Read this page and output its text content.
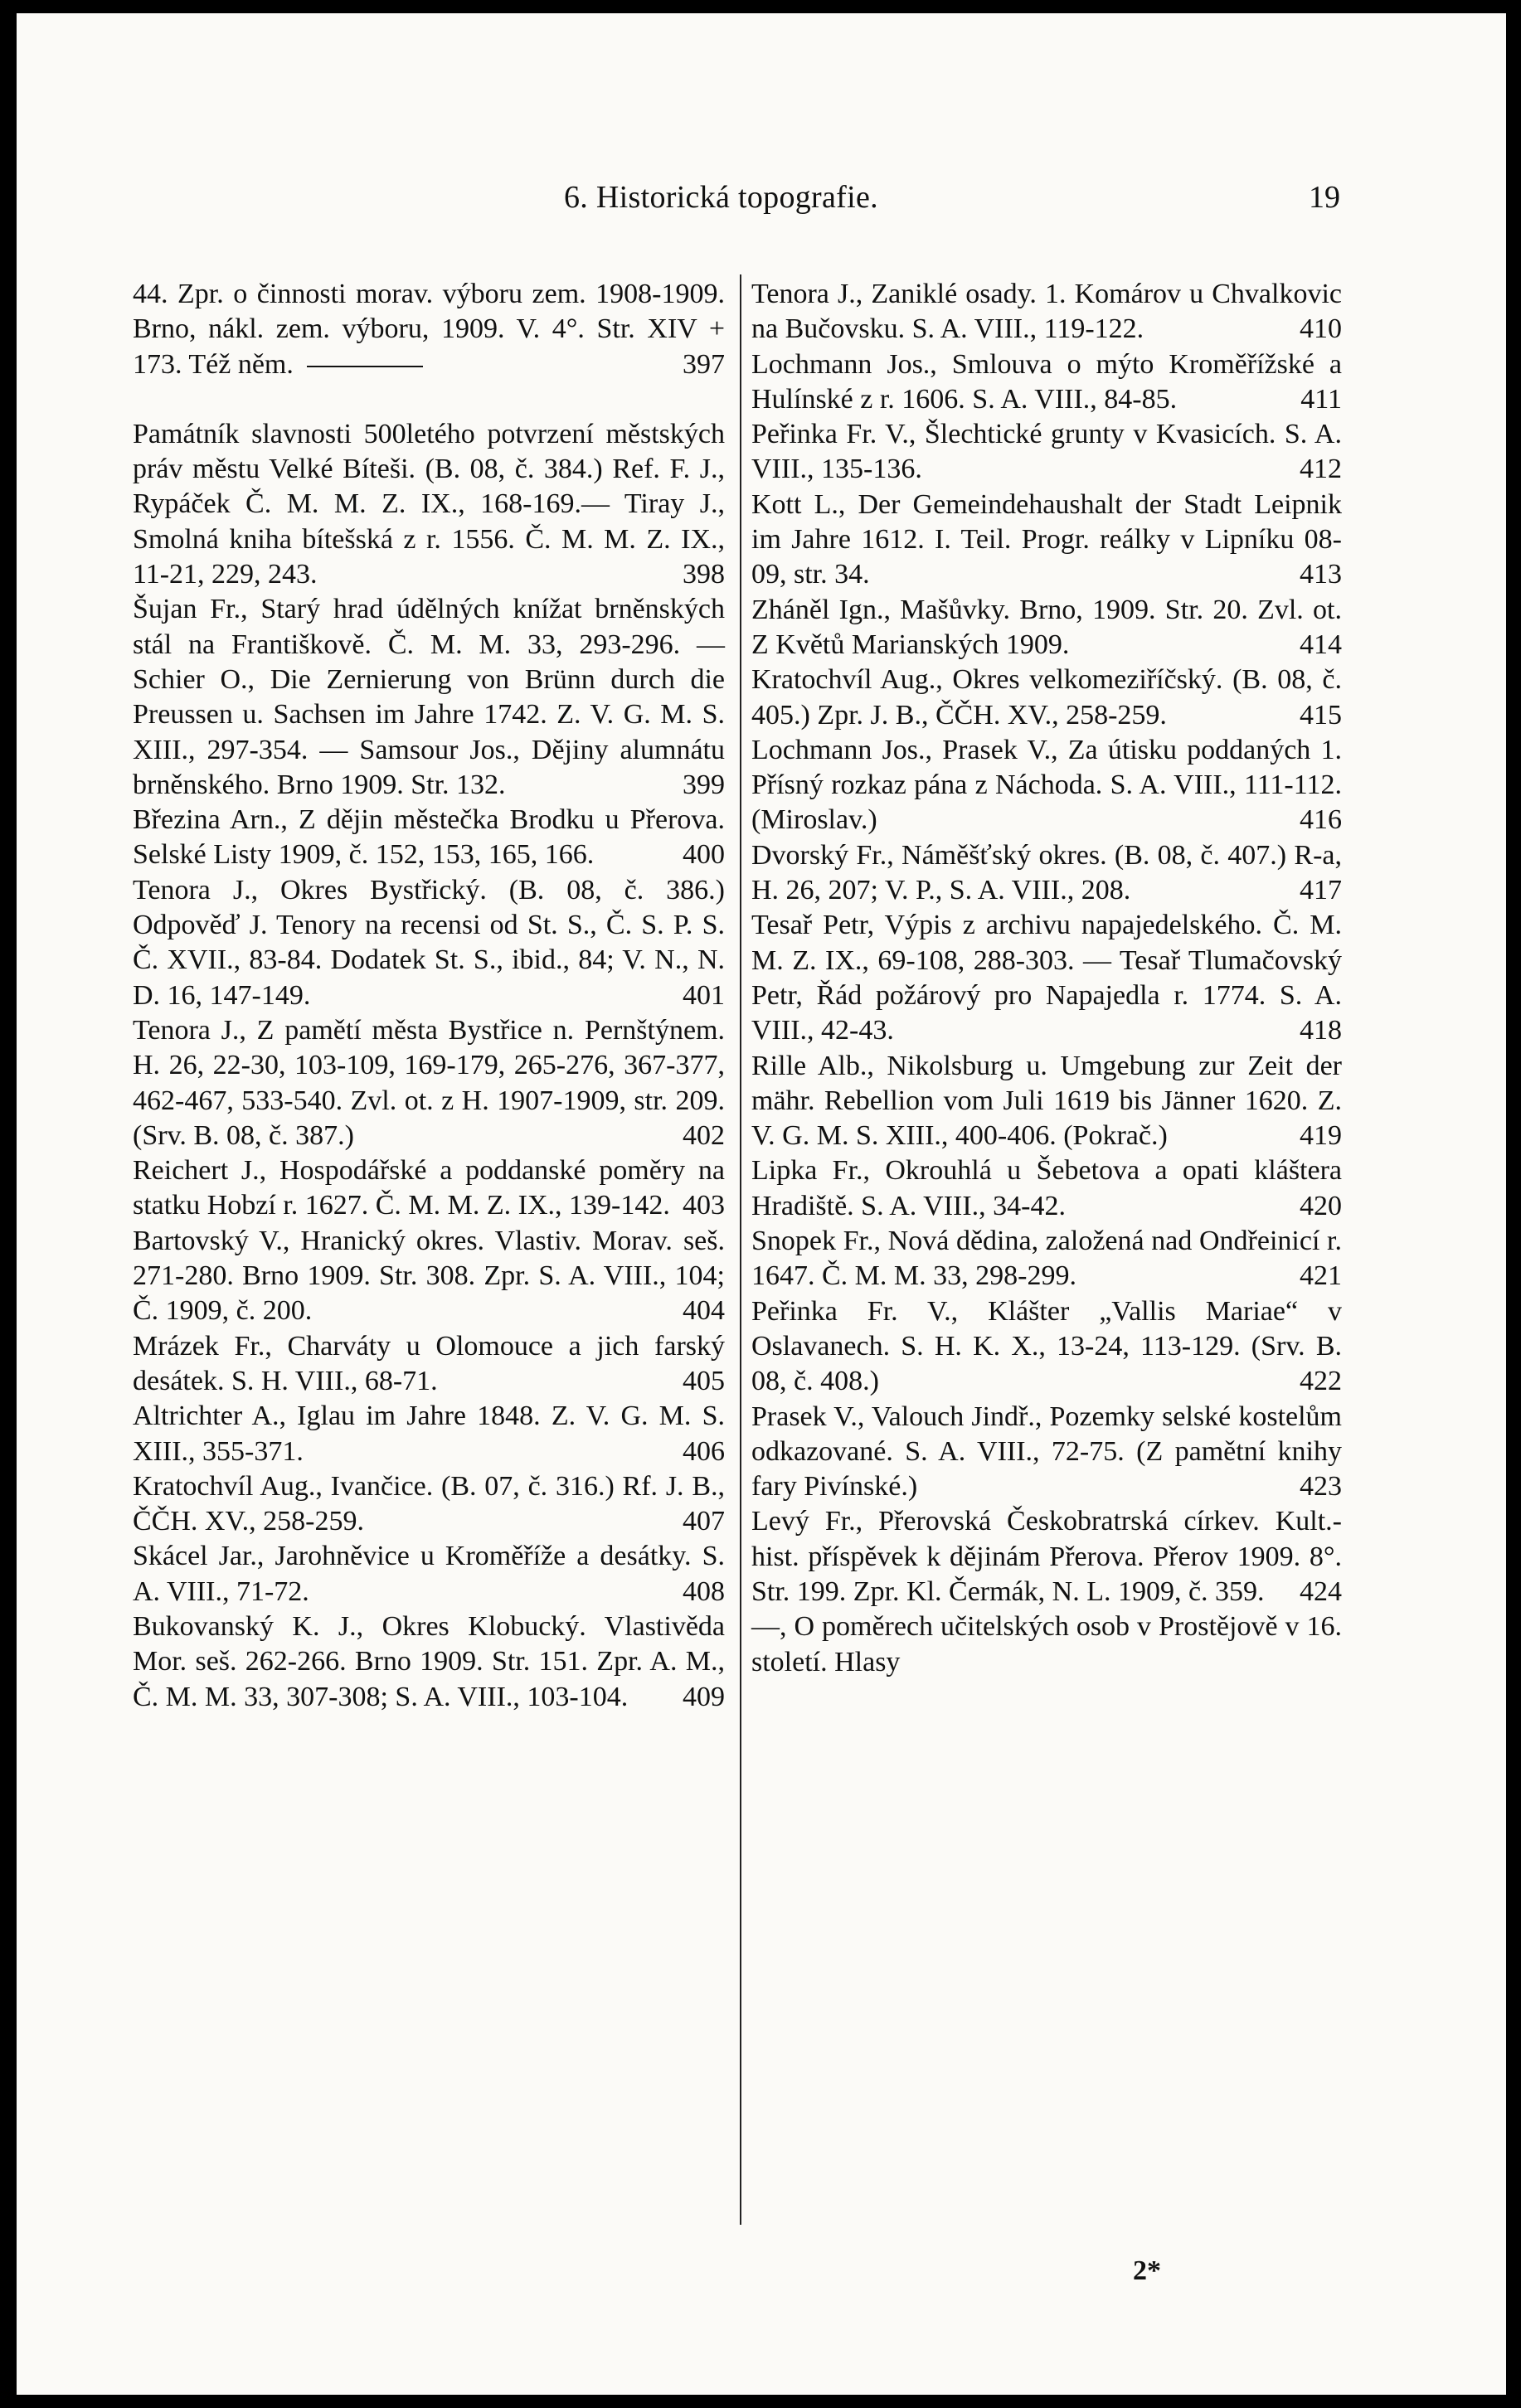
6. Historická topografie.	19

44. Zpr. o činnosti morav. výboru zem. 1908-1909. Brno, nákl. zem. výboru, 1909. V. 4°. Str. XIV + 173. Též něm.	397

Památník slavnosti 500letého potvrzení městských práv městu Velké Bíteši. (B. 08, č. 384.) Ref. F. J., Rypáček Č. M. M. Z. IX., 168-169.— Tiray J., Smolná kniha bítešská z r. 1556. Č. M. M. Z. IX., 11-21, 229, 243.	398

Šujan Fr., Starý hrad údělných knížat brněnských stál na Františkově. Č. M. M. 33, 293-296. — Schier O., Die Zernierung von Brünn durch die Preussen u. Sachsen im Jahre 1742. Z. V. G. M. S. XIII., 297-354. — Samsour Jos., Dějiny alumnátu brněnského. Brno 1909. Str. 132.	399

Březina Arn., Z dějin městečka Brodku u Přerova. Selské Listy 1909, č. 152, 153, 165, 166.	400

Tenora J., Okres Bystřický. (B. 08, č. 386.) Odpověď J. Tenory na recensi od St. S., Č. S. P. S. Č. XVII., 83-84. Dodatek St. S., ibid., 84; V. N., N. D. 16, 147-149.	401

Tenora J., Z pamětí města Bystřice n. Pernštýnem. H. 26, 22-30, 103-109, 169-179, 265-276, 367-377, 462-467, 533-540. Zvl. ot. z H. 1907-1909, str. 209. (Srv. B. 08, č. 387.)	402

Reichert J., Hospodářské a poddanské poměry na statku Hobzí r. 1627. Č. M. M. Z. IX., 139-142. 403

Bartovský V., Hranický okres. Vlastiv. Morav. seš. 271-280. Brno 1909. Str. 308. Zpr. S. A. VIII., 104; Č. 1909, č. 200.	404

Mrázek Fr., Charváty u Olomouce a jich farský desátek. S. H. VIII., 68-71.	405

Altrichter A., Iglau im Jahre 1848. Z. V. G. M. S. XIII., 355-371.	406

Kratochvíl Aug., Ivančice. (B. 07, č. 316.) Rf. J. B., ČČH. XV., 258-259.	407

Skácel Jar., Jarohněvice u Kroměříže a desátky. S. A. VIII., 71-72.	408

Bukovanský K. J., Okres Klobucký. Vlastivěda Mor. seš. 262-266. Brno 1909. Str. 151. Zpr. A. M., Č. M. M. 33, 307-308; S. A. VIII., 103-104. 409

Tenora J., Zaniklé osady. 1. Komárov u Chvalkovic na Bučovsku. S. A. VIII., 119-122.	410

Lochmann Jos., Smlouva o mýto Kroměřížské a Hulínské z r. 1606. S. A. VIII., 84-85.	411

Peřinka Fr. V., Šlechtické grunty v Kvasicích. S. A. VIII., 135-136.	412

Kott L., Der Gemeindehaushalt der Stadt Leipnik im Jahre 1612. I. Teil. Progr. reálky v Lipníku 08-09, str. 34.	413

Zháněl Ign., Mašůvky. Brno, 1909. Str. 20. Zvl. ot. Z Květů Marianských 1909.	414

Kratochvíl Aug., Okres velkomeziříčský. (B. 08, č. 405.) Zpr. J. B., ČČH. XV., 258-259.	415

Lochmann Jos., Prasek V., Za útisku poddaných 1. Přísný rozkaz pána z Náchoda. S. A. VIII., 111-112. (Miroslav.)	416

Dvorský Fr., Náměšťský okres. (B. 08, č. 407.) R-a, H. 26, 207; V. P., S. A. VIII., 208.	417

Tesař Petr, Výpis z archivu napajedelského. Č. M. M. Z. IX., 69-108, 288-303. — Tesař Tlumačovský Petr, Řád požárový pro Napajedla r. 1774. S. A. VIII., 42-43.	418

Rille Alb., Nikolsburg u. Umgebung zur Zeit der mähr. Rebellion vom Juli 1619 bis Jänner 1620. Z. V. G. M. S. XIII., 400-406. (Pokrač.)	419

Lipka Fr., Okrouhlá u Šebetova a opati kláštera Hradiště. S. A. VIII., 34-42.	420

Snopek Fr., Nová dědina, založená nad Ondřeinicí r. 1647. Č. M. M. 33, 298-299.	421

Peřinka Fr. V., Klášter „Vallis Mariae“ v Oslavanech. S. H. K. X., 13-24, 113-129. (Srv. B. 08, č. 408.)	422

Prasek V., Valouch Jindř., Pozemky selské kostelům odkazované. S. A. VIII., 72-75. (Z pamětní knihy fary Pivínské.)	423

Levý Fr., Přerovská Českobratrská církev. Kult.-hist. příspěvek k dějinám Přerova. Přerov 1909. 8°. Str. 199. Zpr. Kl. Čermák, N. L. 1909, č. 359. 424

—, O poměrech učitelských osob v Prostějově v 16. století. Hlasy

2*
